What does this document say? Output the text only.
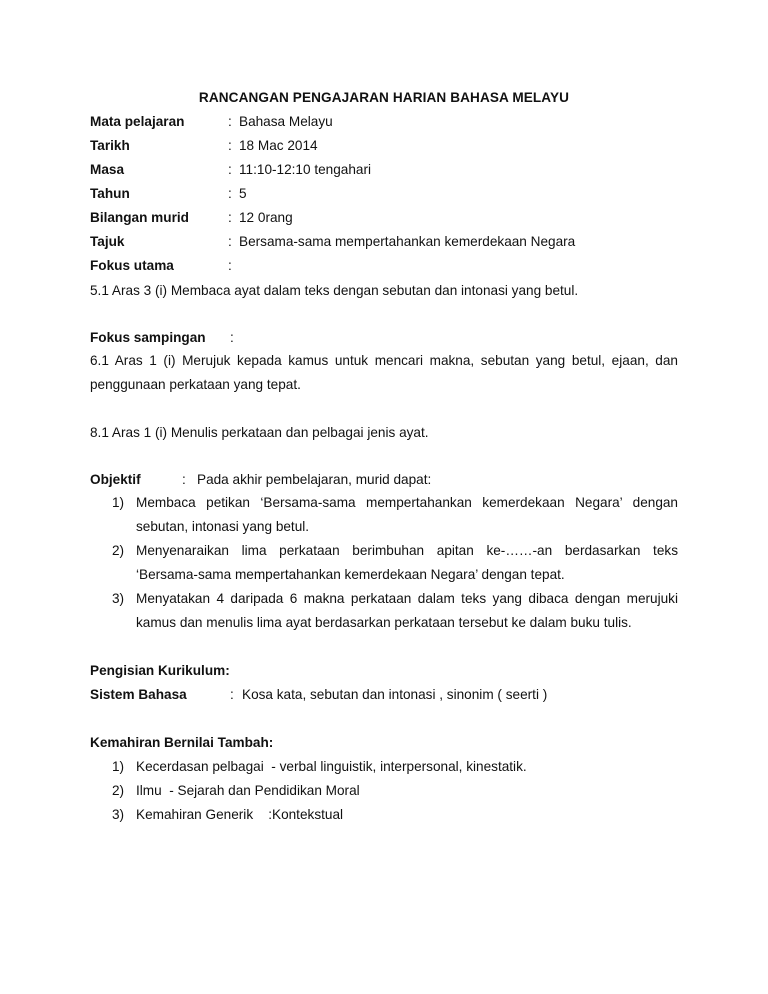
RANCANGAN PENGAJARAN HARIAN BAHASA MELAYU
Mata pelajaran	: Bahasa Melayu
Tarikh	: 18 Mac 2014
Masa	: 11:10-12:10 tengahari
Tahun	: 5
Bilangan murid	: 12 0rang
Tajuk	: Bersama-sama mempertahankan kemerdekaan Negara
Fokus utama	:
5.1 Aras 3 (i) Membaca ayat dalam teks dengan sebutan dan intonasi yang betul.
Fokus sampingan :
6.1 Aras 1 (i) Merujuk kepada kamus untuk mencari makna, sebutan yang betul, ejaan, dan penggunaan perkataan yang tepat.
8.1 Aras 1 (i) Menulis perkataan dan pelbagai jenis ayat.
Objektif	: Pada akhir pembelajaran, murid dapat:
1) Membaca petikan ‘Bersama-sama mempertahankan kemerdekaan Negara’ dengan sebutan, intonasi yang betul.
2) Menyenaraikan lima perkataan berimbuhan apitan ke-……-an berdasarkan teks ‘Bersama-sama mempertahankan kemerdekaan Negara’ dengan tepat.
3) Menyatakan 4 daripada 6 makna perkataan dalam teks yang dibaca dengan merujuki kamus dan menulis lima ayat berdasarkan perkataan tersebut ke dalam buku tulis.
Pengisian Kurikulum:
Sistem Bahasa	: Kosa kata, sebutan dan intonasi , sinonim ( seerti )
Kemahiran Bernilai Tambah:
1) Kecerdasan pelbagai  - verbal linguistik, interpersonal, kinestatik.
2) Ilmu  - Sejarah dan Pendidikan Moral
3) Kemahiran Generik    :Kontekstual
